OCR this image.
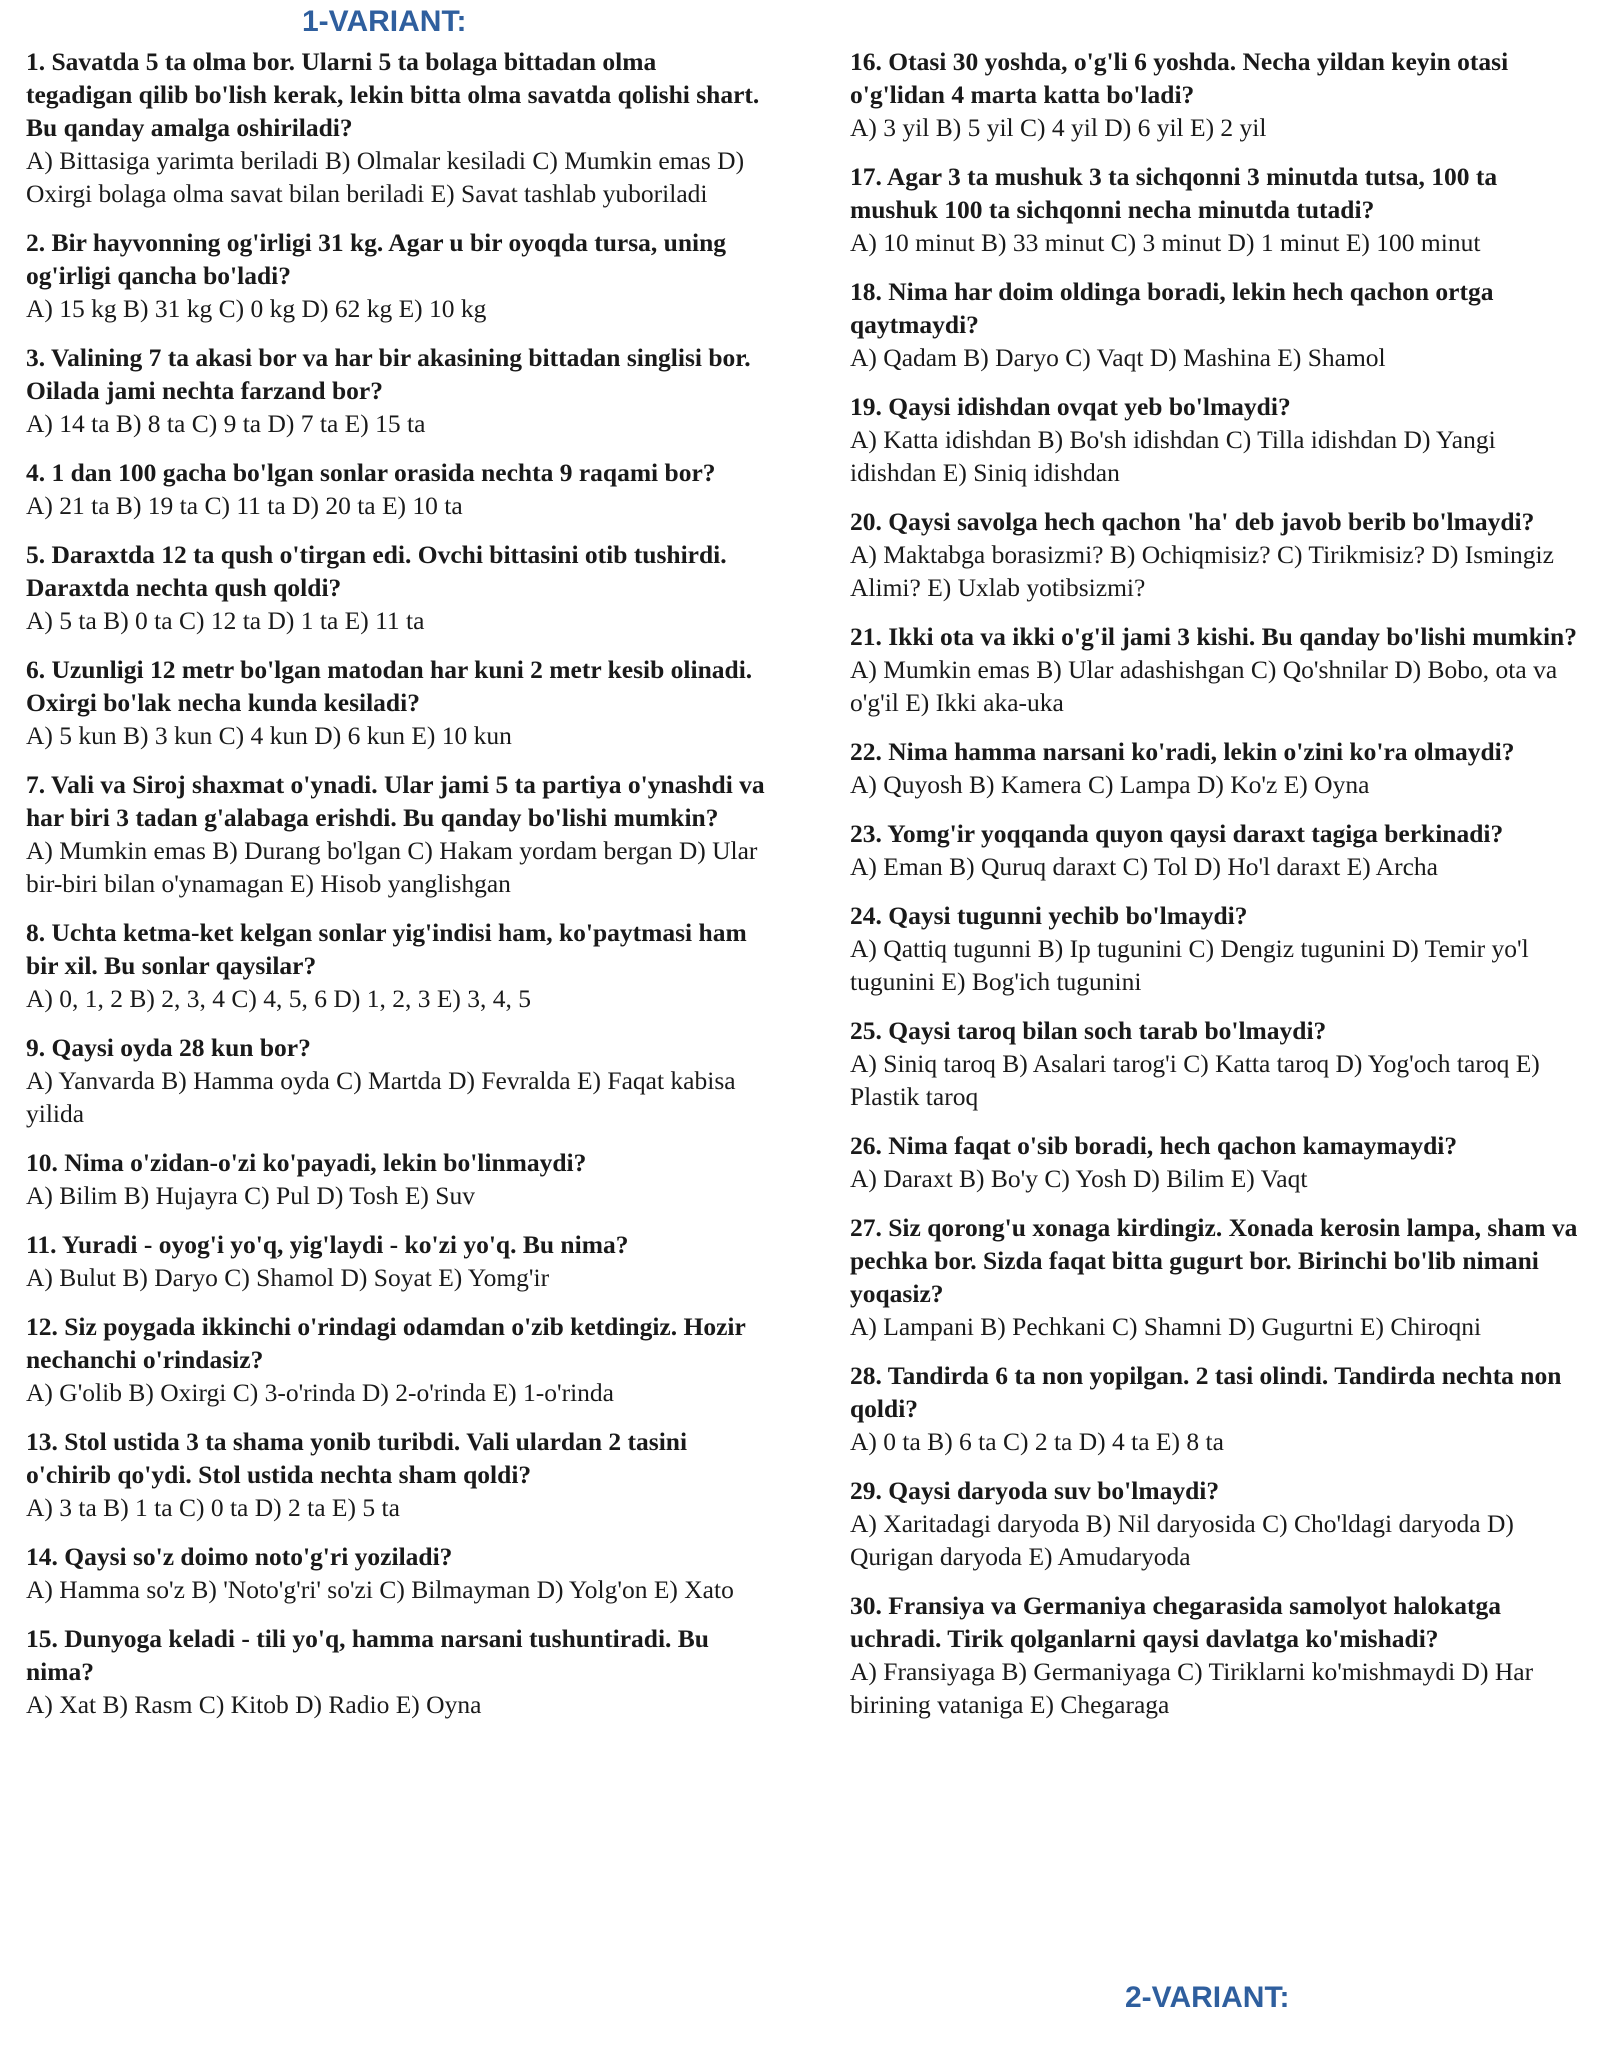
1-VARIANT:

1. Savatda 5 ta olma bor. Ularni 5 ta bolaga bittadan olma tegadigan qilib bo'lish kerak, lekin bitta olma savatda qolishi shart. Bu qanday amalga oshiriladi?

A) Bittasiga yarimta beriladi B) Olmalar kesiladi C) Mumkin emas D) Oxirgi bolaga olma savat bilan beriladi E) Savat tashlab yuboriladi

2. Bir hayvonning og'irligi 31 kg. Agar u bir oyoqda tursa, uning og'irligi qancha bo'ladi?

A) 15 kg B) 31 kg C) 0 kg D) 62 kg E) 10 kg

3. Valining 7 ta akasi bor va har bir akasining bittadan singlisi bor. Oilada jami nechta farzand bor?

A) 14 ta B) 8 ta C) 9 ta D) 7 ta E) 15 ta

4. 1 dan 100 gacha bo'lgan sonlar orasida nechta 9 raqami bor?

A) 21 ta B) 19 ta C) 11 ta D) 20 ta E) 10 ta

5. Daraxtda 12 ta qush o'tirgan edi. Ovchi bittasini otib tushirdi. Daraxtda nechta qush qoldi?

A) 5 ta B) 0 ta C) 12 ta D) 1 ta E) 11 ta

6. Uzunligi 12 metr bo'lgan matodan har kuni 2 metr kesib olinadi. Oxirgi bo'lak necha kunda kesiladi?

A) 5 kun B) 3 kun C) 4 kun D) 6 kun E) 10 kun

7. Vali va Siroj shaxmat o'ynadi. Ular jami 5 ta partiya o'ynashdi va har biri 3 tadan g'alabaga erishdi. Bu qanday bo'lishi mumkin?

A) Mumkin emas B) Durang bo'lgan C) Hakam yordam bergan D) Ular bir-biri bilan o'ynamagan E) Hisob yanglishgan

8. Uchta ketma-ket kelgan sonlar yig'indisi ham, ko'paytmasi ham bir xil. Bu sonlar qaysilar?

A) 0, 1, 2 B) 2, 3, 4 C) 4, 5, 6 D) 1, 2, 3 E) 3, 4, 5

9. Qaysi oyda 28 kun bor?

A) Yanvarda B) Hamma oyda C) Martda D) Fevralda E) Faqat kabisa yilida

10. Nima o'zidan-o'zi ko'payadi, lekin bo'linmaydi?

A) Bilim B) Hujayra C) Pul D) Tosh E) Suv

11. Yuradi - oyog'i yo'q, yig'laydi - ko'zi yo'q. Bu nima?

A) Bulut B) Daryo C) Shamol D) Soyat E) Yomg'ir

12. Siz poygada ikkinchi o'rindagi odamdan o'zib ketdingiz. Hozir nechanchi o'rindasiz?

A) G'olib B) Oxirgi C) 3-o'rinda D) 2-o'rinda E) 1-o'rinda

13. Stol ustida 3 ta shama yonib turibdi. Vali ulardan 2 tasini o'chirib qo'ydi. Stol ustida nechta sham qoldi?

A) 3 ta B) 1 ta C) 0 ta D) 2 ta E) 5 ta

14. Qaysi so'z doimo noto'g'ri yoziladi?

A) Hamma so'z B) 'Noto'g'ri' so'zi C) Bilmayman D) Yolg'on E) Xato

15. Dunyoga keladi - tili yo'q, hamma narsani tushuntiradi. Bu nima?

A) Xat B) Rasm C) Kitob D) Radio E) Oyna

16. Otasi 30 yoshda, o'g'li 6 yoshda. Necha yildan keyin otasi o'g'lidan 4 marta katta bo'ladi?

A) 3 yil B) 5 yil C) 4 yil D) 6 yil E) 2 yil

17. Agar 3 ta mushuk 3 ta sichqonni 3 minutda tutsa, 100 ta mushuk 100 ta sichqonni necha minutda tutadi?

A) 10 minut B) 33 minut C) 3 minut D) 1 minut E) 100 minut

18. Nima har doim oldinga boradi, lekin hech qachon ortga qaytmaydi?

A) Qadam B) Daryo C) Vaqt D) Mashina E) Shamol

19. Qaysi idishdan ovqat yeb bo'lmaydi?

A) Katta idishdan B) Bo'sh idishdan C) Tilla idishdan D) Yangi idishdan E) Siniq idishdan

20. Qaysi savolga hech qachon 'ha' deb javob berib bo'lmaydi?

A) Maktabga borasizmi? B) Ochiqmisiz? C) Tirikmisiz? D) Ismingiz Alimi? E) Uxlab yotibsizmi?

21. Ikki ota va ikki o'g'il jami 3 kishi. Bu qanday bo'lishi mumkin?

A) Mumkin emas B) Ular adashishgan C) Qo'shnilar D) Bobo, ota va o'g'il E) Ikki aka-uka

22. Nima hamma narsani ko'radi, lekin o'zini ko'ra olmaydi?

A) Quyosh B) Kamera C) Lampa D) Ko'z E) Oyna

23. Yomg'ir yoqqanda quyon qaysi daraxt tagiga berkinadi?

A) Eman B) Quruq daraxt C) Tol D) Ho'l daraxt E) Archa

24. Qaysi tugunni yechib bo'lmaydi?

A) Qattiq tugunni B) Ip tugunini C) Dengiz tugunini D) Temir yo'l tugunini E) Bog'ich tugunini

25. Qaysi taroq bilan soch tarab bo'lmaydi?

A) Siniq taroq B) Asalari tarog'i C) Katta taroq D) Yog'och taroq E) Plastik taroq

26. Nima faqat o'sib boradi, hech qachon kamaymaydi?

A) Daraxt B) Bo'y C) Yosh D) Bilim E) Vaqt

27. Siz qorong'u xonaga kirdingiz. Xonada kerosin lampa, sham va pechka bor. Sizda faqat bitta gugurt bor. Birinchi bo'lib nimani yoqasiz?

A) Lampani B) Pechkani C) Shamni D) Gugurtni E) Chiroqni

28. Tandirda 6 ta non yopilgan. 2 tasi olindi. Tandirda nechta non qoldi?

A) 0 ta B) 6 ta C) 2 ta D) 4 ta E) 8 ta

29. Qaysi daryoda suv bo'lmaydi?

A) Xaritadagi daryoda B) Nil daryosida C) Cho'ldagi daryoda D) Qurigan daryoda E) Amudaryoda

30. Fransiya va Germaniya chegarasida samolyot halokatga uchradi. Tirik qolganlarni qaysi davlatga ko'mishadi?

A) Fransiyaga B) Germaniyaga C) Tiriklarni ko'mishmaydi D) Har birining vataniga E) Chegaraga

2-VARIANT:
